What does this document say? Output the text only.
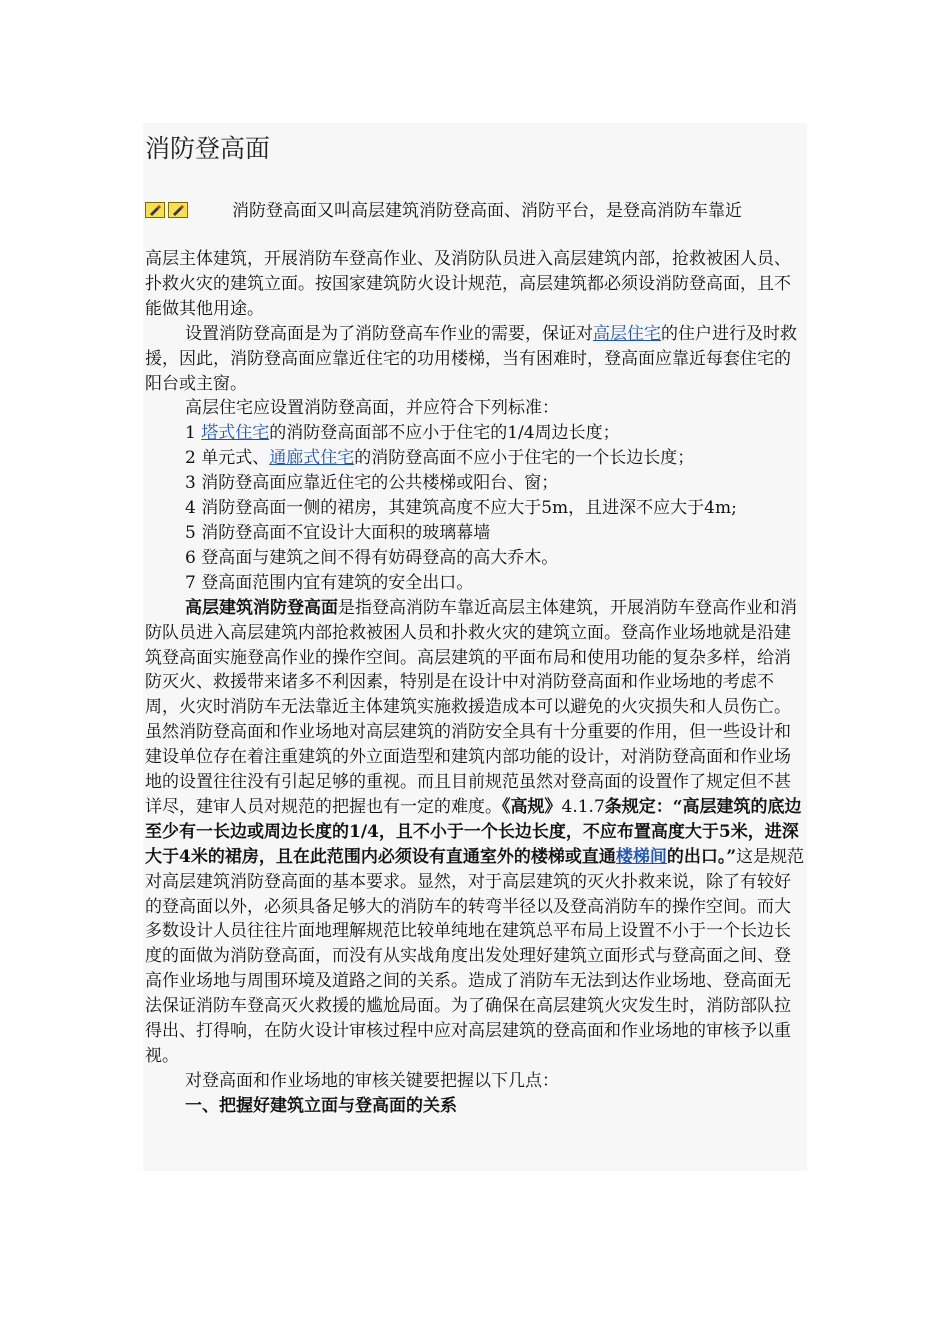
消防登高面
消防登高面又叫高层建筑消防登高面、消防平台，是登高消防车靠近

高层主体建筑，开展消防车登高作业、及消防队员进入高层建筑内部，抢救被困人员、扑救火灾的建筑立面。按国家建筑防火设计规范，高层建筑都必须设消防登高面，且不能做其他用途。

设置消防登高面是为了消防登高车作业的需要，保证对高层住宅的住户进行及时救援，因此，消防登高面应靠近住宅的功用楼梯，当有困难时，登高面应靠近每套住宅的阳台或主窗。

高层住宅应设置消防登高面，并应符合下列标准：

1 塔式住宅的消防登高面部不应小于住宅的1/4周边长度；

2 单元式、通廊式住宅的消防登高面不应小于住宅的一个长边长度；

3 消防登高面应靠近住宅的公共楼梯或阳台、窗；

4 消防登高面一侧的裙房，其建筑高度不应大于5m，且进深不应大于4m;

5 消防登高面不宜设计大面积的玻璃幕墙

6 登高面与建筑之间不得有妨碍登高的高大乔木。

7 登高面范围内宜有建筑的安全出口。

高层建筑消防登高面是指登高消防车靠近高层主体建筑，开展消防车登高作业和消防队员进入高层建筑内部抢救被困人员和扑救火灾的建筑立面。登高作业场地就是沿建筑登高面实施登高作业的操作空间。高层建筑的平面布局和使用功能的复杂多样，给消防灭火、救援带来诸多不利因素，特别是在设计中对消防登高面和作业场地的考虑不周，火灾时消防车无法靠近主体建筑实施救援造成本可以避免的火灾损失和人员伤亡。 虽然消防登高面和作业场地对高层建筑的消防安全具有十分重要的作用，但一些设计和建设单位存在着注重建筑的外立面造型和建筑内部功能的设计，对消防登高面和作业场地的设置往往没有引起足够的重视。而且目前规范虽然对登高面的设置作了规定但不甚详尽，建审人员对规范的把握也有一定的难度。《高规》4.1.7条规定：“高层建筑的底边至少有一长边或周边长度的1/4，且不小于一个长边长度，不应布置高度大于5米，进深大于4米的裙房，且在此范围内必须设有直通室外的楼梯或直通楼梯间的出口。”这是规范对高层建筑消防登高面的基本要求。显然，对于高层建筑的灭火扑救来说，除了有较好的登高面以外，必须具备足够大的消防车的转弯半径以及登高消防车的操作空间。而大多数设计人员往往片面地理解规范比较单纯地在建筑总平布局上设置不小于一个长边长度的面做为消防登高面，而没有从实战角度出发处理好建筑立面形式与登高面之间、登高作业场地与周围环境及道路之间的关系。造成了消防车无法到达作业场地、登高面无法保证消防车登高灭火救援的尴尬局面。为了确保在高层建筑火灾发生时，消防部队拉得出、打得响，在防火设计审核过程中应对高层建筑的登高面和作业场地的审核予以重视。

对登高面和作业场地的审核关键要把握以下几点：

一、把握好建筑立面与登高面的关系
